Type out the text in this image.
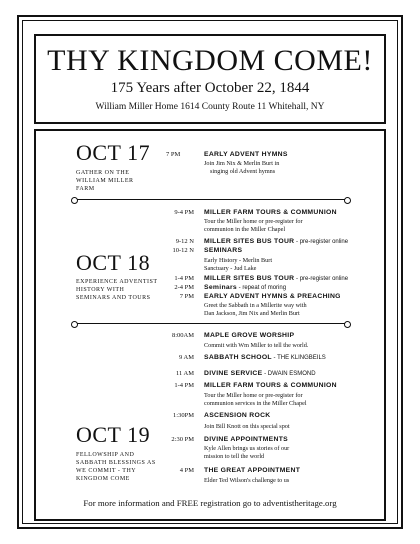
THY KINGDOM COME!
175 Years after October 22, 1844
William Miller Home 1614 County Route 11 Whitehall, NY
OCT 17
GATHER ON THE WILLIAM MILLER FARM
7 PM	EARLY ADVENT HYMNS
Join Jim Nix & Merlin Burt in
singing old Advent hymns
OCT 18
EXPERIENCE ADVENTIST HISTORY WITH SEMINARS AND TOURS
9-4 PM MILLER FARM TOURS & COMMUNION
Tour the Miller home or pre-register for
communion in the Miller Chapel
9-12 N MILLER SITES BUS TOUR - pre-register online
10-12 N SEMINARS
Early History - Merlin Burt
Sanctuary - Jud Lake
1-4 PM MILLER SITES BUS TOUR - pre-register online
2-4 PM Seminars - repeat of moring
7 PM EARLY ADVENT HYMNS & PREACHING
Greet the Sabbath in a Millerite way with
Dan Jackson, Jim Nix and Merlin Burt
OCT 19
FELLOWSHIP AND SABBATH BLESSINGS AS WE COMMIT - THY KINGDOM COME
8:00AM MAPLE GROVE WORSHIP
Commit with Wm Miller to tell the world.
9 AM SABBATH SCHOOL - THE KLINGBEILS
11 AM DIVINE SERVICE - DWAIN ESMOND
1-4 PM MILLER FARM TOURS & COMMUNION
Tour the Miller home or pre-register for
communion services in the Miller Chapel
1:30PM ASCENSION ROCK
Join Bill Knott on this special spot
2:30 PM DIVINE APPOINTMENTS
Kyle Allen brings us stories of our
mission to tell the world
4 PM THE GREAT APPOINTMENT
Elder Ted Wilson's challenge to us
For more information and FREE registration go to adventistheritage.org
